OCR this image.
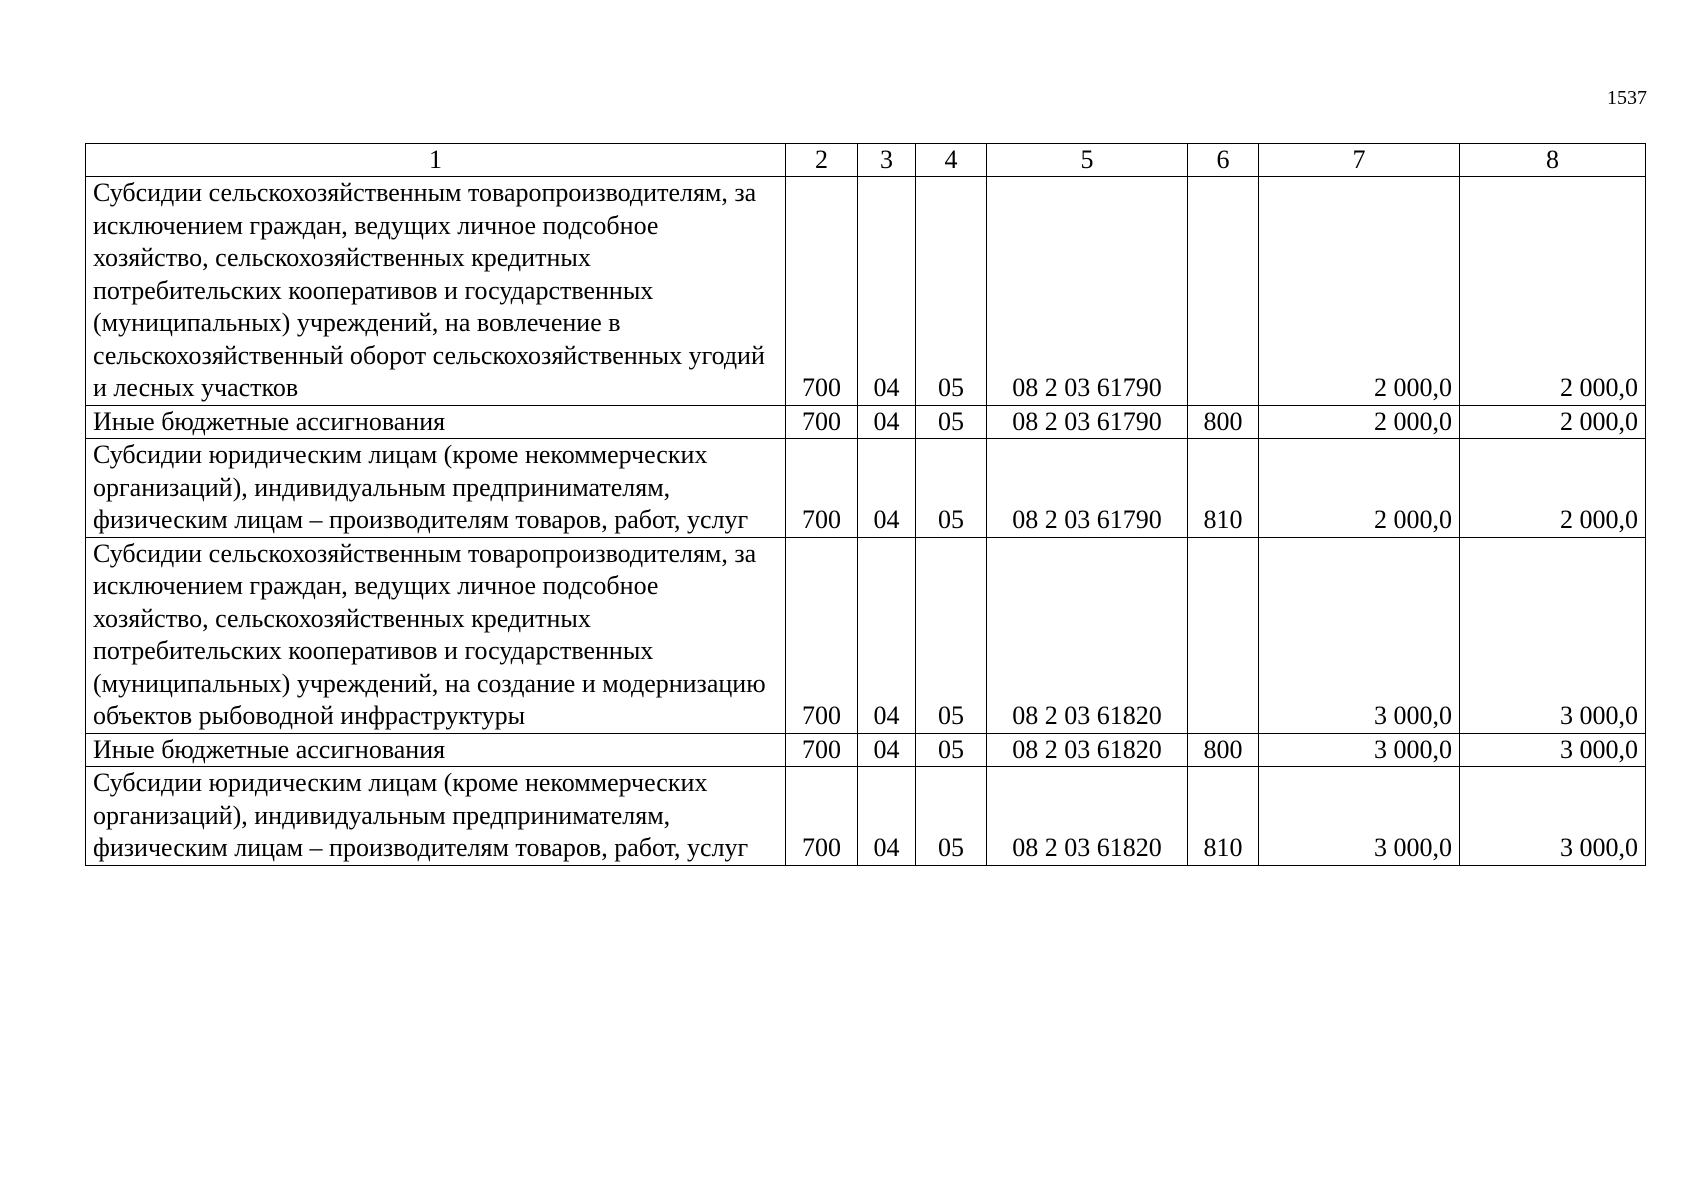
1537
1	2	3	4	5	6	7	8
Субсидии сельскохозяйственным товаропроизводителям, за исключением граждан, ведущих личное подсобное хозяйство, сельскохозяйственных кредитных потребительских кооперативов и государственных (муниципальных) учреждений, на вовлечение в сельскохозяйственный оборот сельскохозяйственных угодий и лесных участков	700	04	05	08 2 03 61790		2 000,0	2 000,0
Иные бюджетные ассигнования	700	04	05	08 2 03 61790	800	2 000,0	2 000,0
Субсидии юридическим лицам (кроме некоммерческих организаций), индивидуальным предпринимателям, физическим лицам – производителям товаров, работ, услуг	700	04	05	08 2 03 61790	810	2 000,0	2 000,0
Субсидии сельскохозяйственным товаропроизводителям, за исключением граждан, ведущих личное подсобное хозяйство, сельскохозяйственных кредитных потребительских кооперативов и государственных (муниципальных) учреждений, на создание и модернизацию объектов рыбоводной инфраструктуры	700	04	05	08 2 03 61820		3 000,0	3 000,0
Иные бюджетные ассигнования	700	04	05	08 2 03 61820	800	3 000,0	3 000,0
Субсидии юридическим лицам (кроме некоммерческих организаций), индивидуальным предпринимателям, физическим лицам – производителям товаров, работ, услуг	700	04	05	08 2 03 61820	810	3 000,0	3 000,0
